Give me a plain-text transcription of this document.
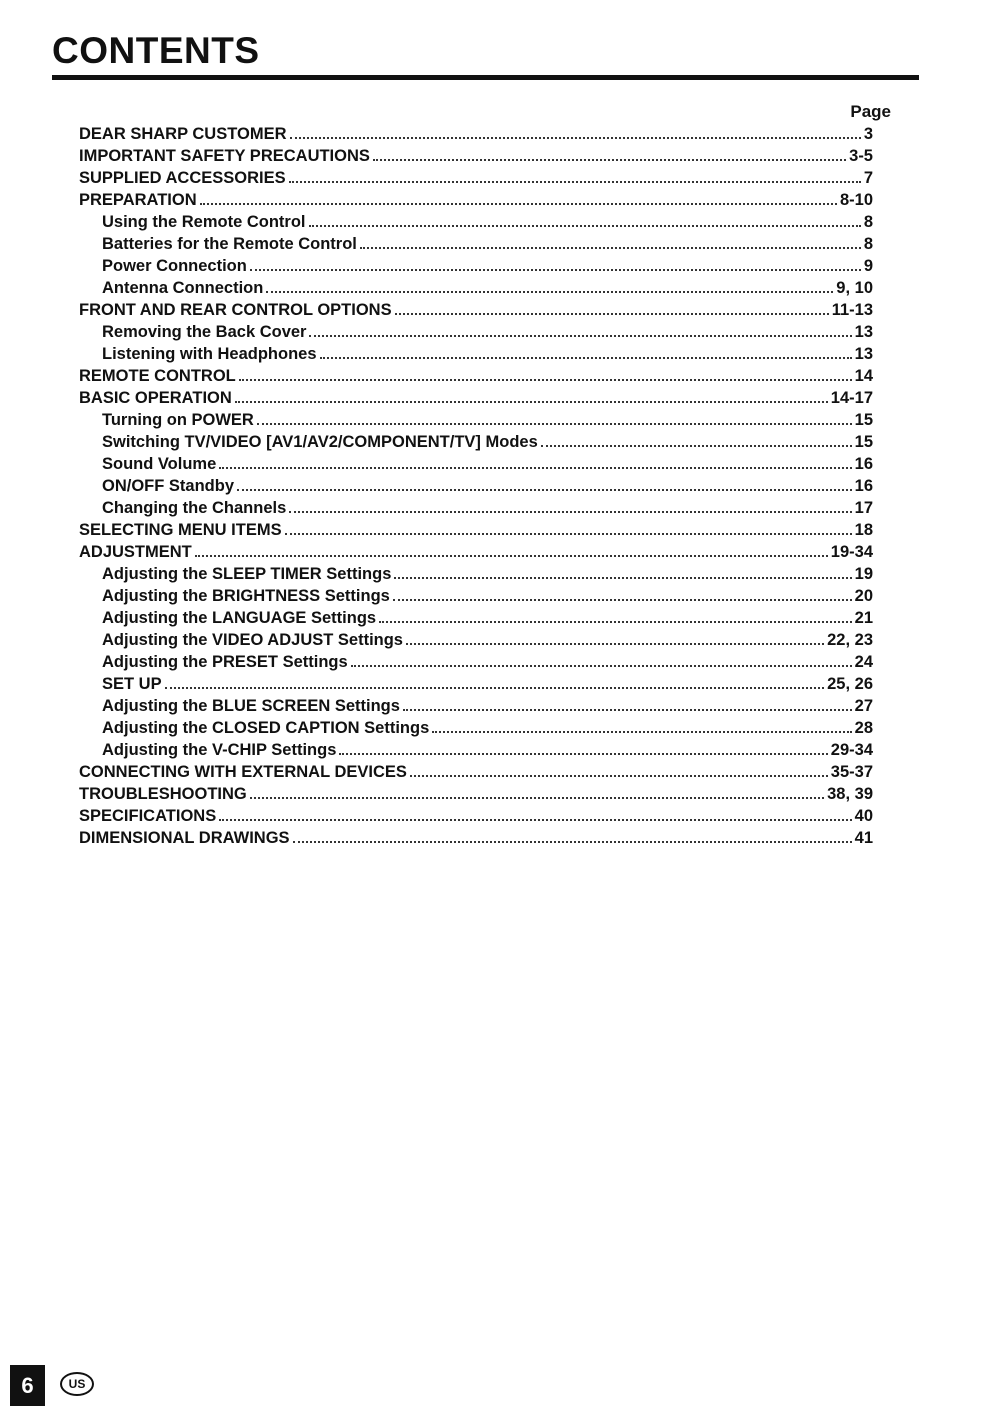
CONTENTS
Page
DEAR SHARP CUSTOMER	3
IMPORTANT SAFETY PRECAUTIONS	3-5
SUPPLIED ACCESSORIES	7
PREPARATION	8-10
Using the Remote Control	8
Batteries for the Remote Control	8
Power Connection	9
Antenna Connection	9, 10
FRONT AND REAR CONTROL OPTIONS	11-13
Removing the Back Cover	13
Listening with Headphones	13
REMOTE CONTROL	14
BASIC OPERATION	14-17
Turning on POWER	15
Switching TV/VIDEO [AV1/AV2/COMPONENT/TV] Modes	15
Sound Volume	16
ON/OFF Standby	16
Changing the Channels	17
SELECTING MENU ITEMS	18
ADJUSTMENT	19-34
Adjusting the SLEEP TIMER Settings	19
Adjusting the BRIGHTNESS Settings	20
Adjusting the LANGUAGE Settings	21
Adjusting the VIDEO ADJUST Settings	22, 23
Adjusting the PRESET Settings	24
SET UP	25, 26
Adjusting the BLUE SCREEN Settings	27
Adjusting the CLOSED CAPTION Settings	28
Adjusting the V-CHIP Settings	29-34
CONNECTING WITH EXTERNAL DEVICES	35-37
TROUBLESHOOTING	38, 39
SPECIFICATIONS	40
DIMENSIONAL DRAWINGS	41
6	US
